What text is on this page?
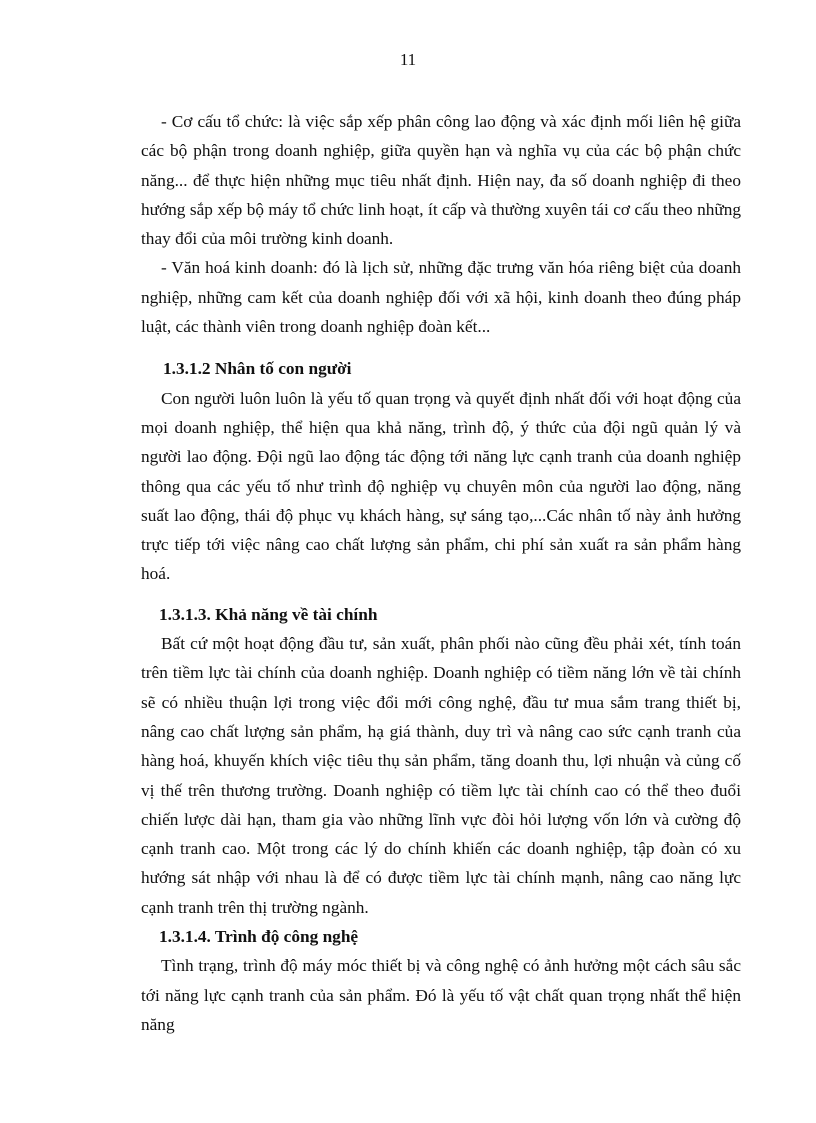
11

- Cơ cấu tổ chức: là việc sắp xếp phân công lao động và xác định mối liên hệ giữa các bộ phận trong doanh nghiệp, giữa quyền hạn và nghĩa vụ của các bộ phận chức năng... để thực hiện những mục tiêu nhất định. Hiện nay, đa số doanh nghiệp đi theo hướng sắp xếp bộ máy tổ chức linh hoạt, ít cấp và thường xuyên tái cơ cấu theo những thay đổi của môi trường kinh doanh.

- Văn hoá kinh doanh: đó là lịch sử, những đặc trưng văn hóa riêng biệt của doanh nghiệp, những cam kết của doanh nghiệp đối với xã hội, kinh doanh theo đúng pháp luật, các thành viên trong doanh nghiệp đoàn kết...

1.3.1.2 Nhân tố con người

Con người luôn luôn là yếu tố quan trọng và quyết định nhất đối với hoạt động của mọi doanh nghiệp, thể hiện qua khả năng, trình độ, ý thức của đội ngũ quản lý và người lao động. Đội ngũ lao động tác động tới năng lực cạnh tranh của doanh nghiệp thông qua các yếu tố như trình độ nghiệp vụ chuyên môn của người lao động, năng suất lao động, thái độ phục vụ khách hàng, sự sáng tạo,...Các nhân tố này ảnh hưởng trực tiếp tới việc nâng cao chất lượng sản phẩm, chi phí sản xuất ra sản phẩm hàng hoá.

1.3.1.3. Khả năng về tài chính

Bất cứ một hoạt động đầu tư, sản xuất, phân phối nào cũng đều phải xét, tính toán trên tiềm lực tài chính của doanh nghiệp. Doanh nghiệp có tiềm năng lớn về tài chính sẽ có nhiều thuận lợi trong việc đổi mới công nghệ, đầu tư mua sắm trang thiết bị, nâng cao chất lượng sản phẩm, hạ giá thành, duy trì và nâng cao sức cạnh tranh của hàng hoá, khuyến khích việc tiêu thụ sản phẩm, tăng doanh thu, lợi nhuận và củng cố vị thế trên thương trường. Doanh nghiệp có tiềm lực tài chính cao có thể theo đuổi chiến lược dài hạn, tham gia vào những lĩnh vực đòi hỏi lượng vốn lớn và cường độ cạnh tranh cao. Một trong các lý do chính khiến các doanh nghiệp, tập đoàn có xu hướng sát nhập với nhau là để có được tiềm lực tài chính mạnh, nâng cao năng lực cạnh tranh trên thị trường ngành.

1.3.1.4. Trình độ công nghệ

Tình trạng, trình độ máy móc thiết bị và công nghệ có ảnh hưởng một cách sâu sắc tới năng lực cạnh tranh của sản phẩm. Đó là yếu tố vật chất quan trọng nhất thể hiện năng
